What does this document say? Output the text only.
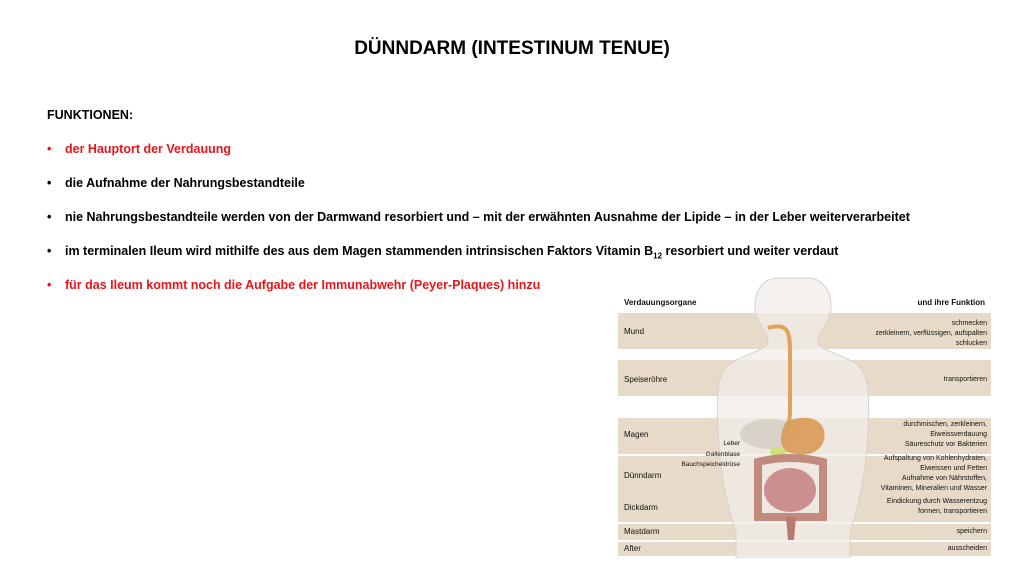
DÜNNDARM (INTESTINUM TENUE)
FUNKTIONEN:
• der Hauptort der Verdauung
• die Aufnahme der Nahrungsbestandteile
• nie Nahrungsbestandteile werden von der Darmwand resorbiert und – mit der erwähnten Ausnahme der Lipide – in der Leber weiterverarbeitet
• im terminalen Ileum wird mithilfe des aus dem Magen stammenden intrinsischen Faktors Vitamin $B_{12}$ resorbiert und weiter verdaut
• für das Ileum kommt noch die Aufgabe der Immunabwehr (Peyer-Plaques) hinzu
Verdauungsorgane	und ihre Funktion
Mund
Speiseröhre
Magen
Dünndarm
Dickdarm
Mastdarm
After
schmecken
zerkleinern, verflüssigen, aufspalten
schlucken
transportieren
durchmischen, zerkleinern,
Eiweissverdauung
Säureschutz vor Bakterien
Aufspaltung von Kohlenhydraten,
Eiweissen und Fetten
Aufnahme von Nährstoffen,
Vitaminen, Mineralien und Wasser
Eindickung durch Wasserentzug
formen, transportieren
speichern
ausscheiden
Leber
Gallenblase
Bauchspeicheldrüse
